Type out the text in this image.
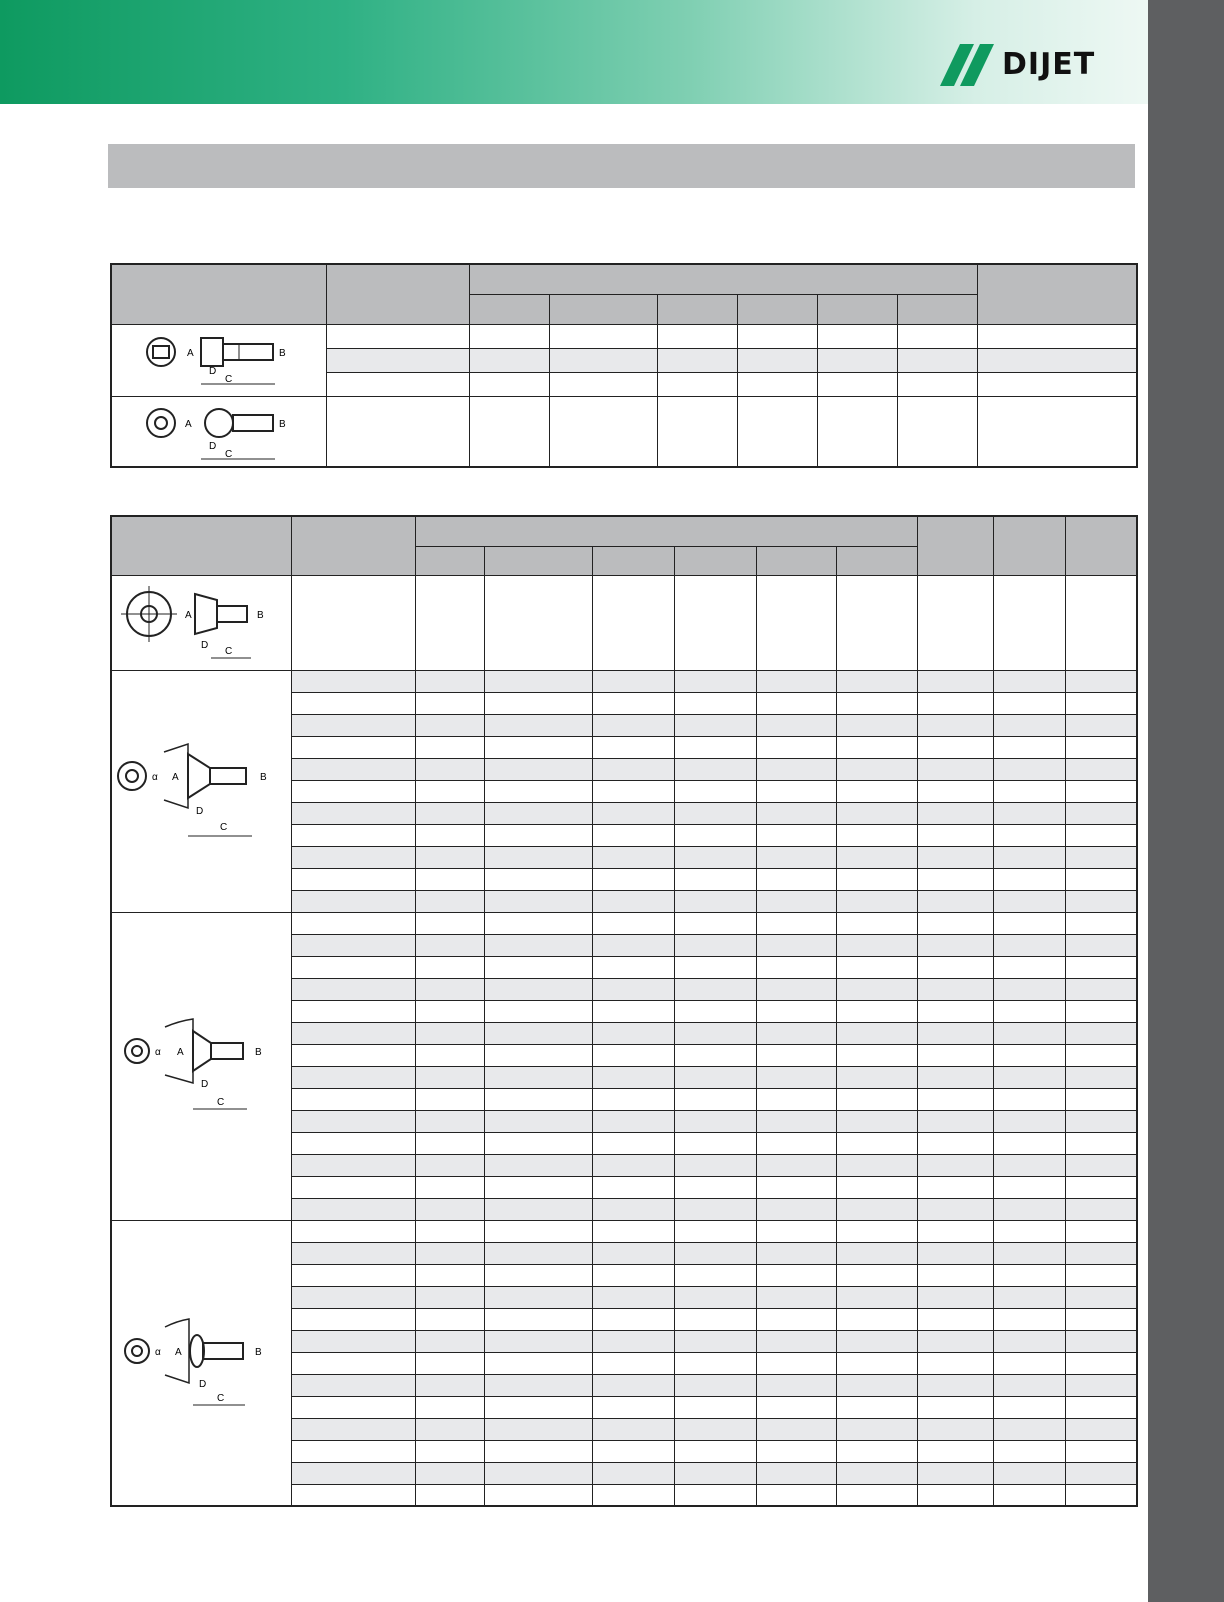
DIJET

A B
C
D								

A B
C
D								

A B
D
C										

α A B
D
C										

α A B
D
C										

α A B
D
C										
